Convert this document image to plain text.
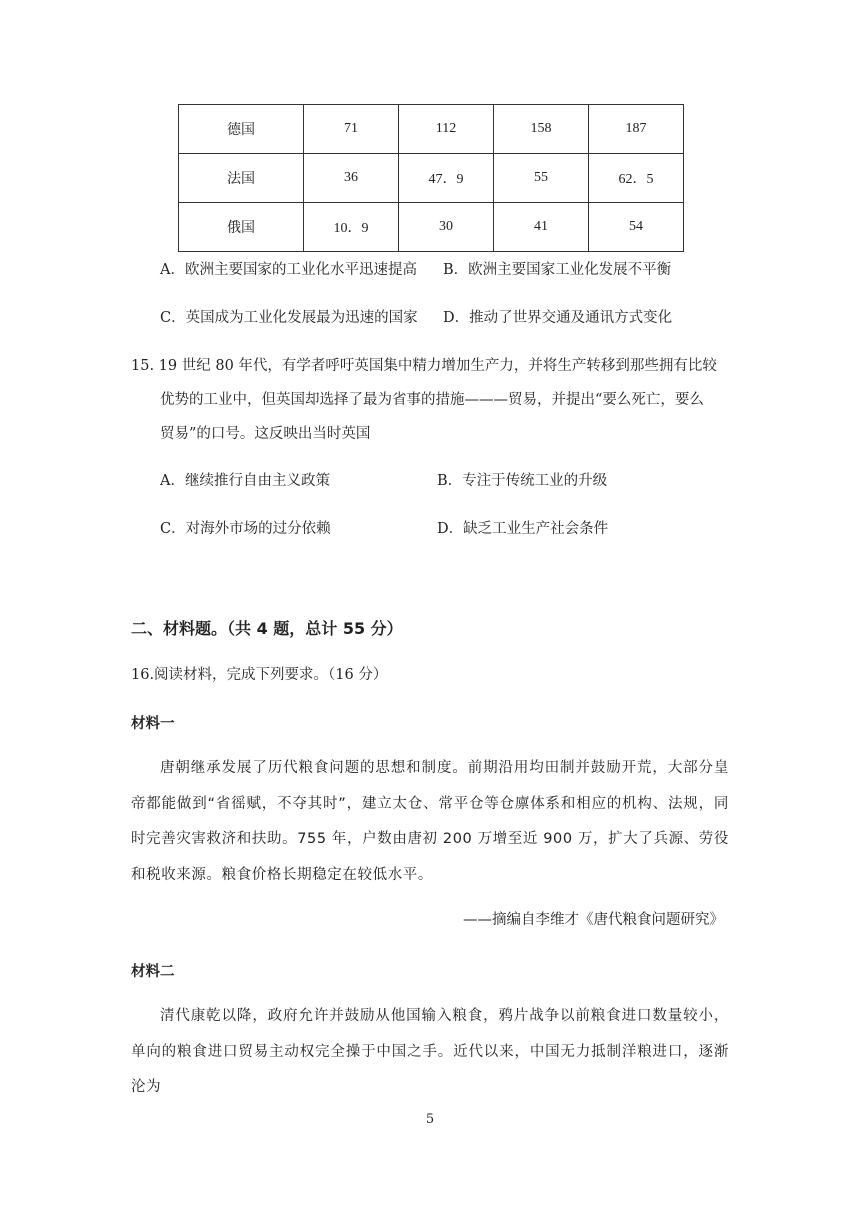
德国	71	112	158	187
法国	36	47．9	55	62．5
俄国	10．9	30	41	54
A．欧洲主要国家的工业化水平迅速提高 B．欧洲主要国家工业化发展不平衡
C．英国成为工业化发展最为迅速的国家 D．推动了世界交通及通讯方式变化
15. 19 世纪 80 年代，有学者呼吁英国集中精力增加生产力，并将生产转移到那些拥有比较
优势的工业中，但英国却选择了最为省事的措施———贸易，并提出“要么死亡，要么
贸易”的口号。这反映出当时英国
A．继续推行自由主义政策	B．专注于传统工业的升级
C．对海外市场的过分依赖	D．缺乏工业生产社会条件
二、材料题。（共 4 题，总计 55 分）
16.阅读材料，完成下列要求。（16 分）
材料一
唐朝继承发展了历代粮食问题的思想和制度。前期沿用均田制并鼓励开荒，大部分皇帝都能做到“省徭赋，不夺其时”，建立太仓、常平仓等仓廪体系和相应的机构、法规，同时完善灾害救济和扶助。755 年，户数由唐初 200 万增至近 900 万，扩大了兵源、劳役和税收来源。粮食价格长期稳定在较低水平。
——摘编自李维才《唐代粮食问题研究》
材料二
清代康乾以降，政府允许并鼓励从他国输入粮食，鸦片战争以前粮食进口数量较小，单向的粮食进口贸易主动权完全操于中国之手。近代以来，中国无力抵制洋粮进口，逐渐沦为
5
